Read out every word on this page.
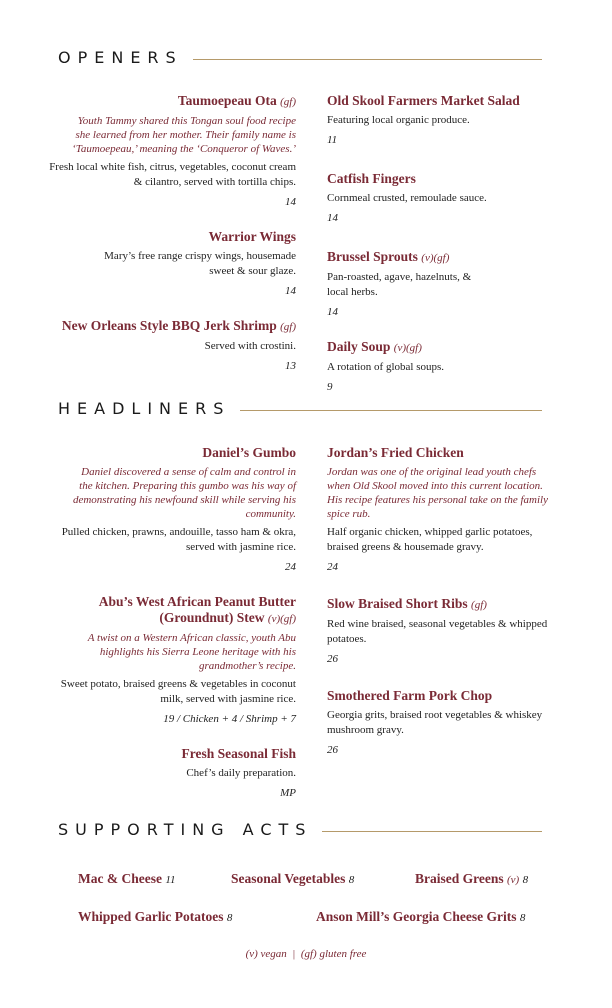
OPENERS
Taumoepeau Ota (gf)
Youth Tammy shared this Tongan soul food recipe she learned from her mother. Their family name is ‘Taumoepeau,’ meaning the ‘Conqueror of Waves.’
Fresh local white fish, citrus, vegetables, coconut cream & cilantro, served with tortilla chips.
14
Warrior Wings
Mary’s free range crispy wings, housemade sweet & sour glaze.
14
New Orleans Style BBQ Jerk Shrimp (gf)
Served with crostini.
13
Old Skool Farmers Market Salad
Featuring local organic produce.
11
Catfish Fingers
Cornmeal crusted, remoulade sauce.
14
Brussel Sprouts (v)(gf)
Pan-roasted, agave, hazelnuts, & local herbs.
14
Daily Soup (v)(gf)
A rotation of global soups.
9
HEADLINERS
Daniel’s Gumbo
Daniel discovered a sense of calm and control in the kitchen. Preparing this gumbo was his way of demonstrating his newfound skill while serving his community.
Pulled chicken, prawns, andouille, tasso ham & okra, served with jasmine rice.
24
Abu’s West African Peanut Butter (Groundnut) Stew (v)(gf)
A twist on a Western African classic, youth Abu highlights his Sierra Leone heritage with his grandmother’s recipe.
Sweet potato, braised greens & vegetables in coconut milk, served with jasmine rice.
19 / Chicken + 4 / Shrimp + 7
Fresh Seasonal Fish
Chef’s daily preparation.
MP
Jordan’s Fried Chicken
Jordan was one of the original lead youth chefs when Old Skool moved into this current location. His recipe features his personal take on the family spice rub.
Half organic chicken, whipped garlic potatoes, braised greens & housemade gravy.
24
Slow Braised Short Ribs (gf)
Red wine braised, seasonal vegetables & whipped potatoes.
26
Smothered Farm Pork Chop
Georgia grits, braised root vegetables & whiskey mushroom gravy.
26
SUPPORTING ACTS
Mac & Cheese 11	Seasonal Vegetables 8	Braised Greens (v) 8
Whipped Garlic Potatoes 8	Anson Mill’s Georgia Cheese Grits 8
(v) vegan  |  (gf) gluten free
